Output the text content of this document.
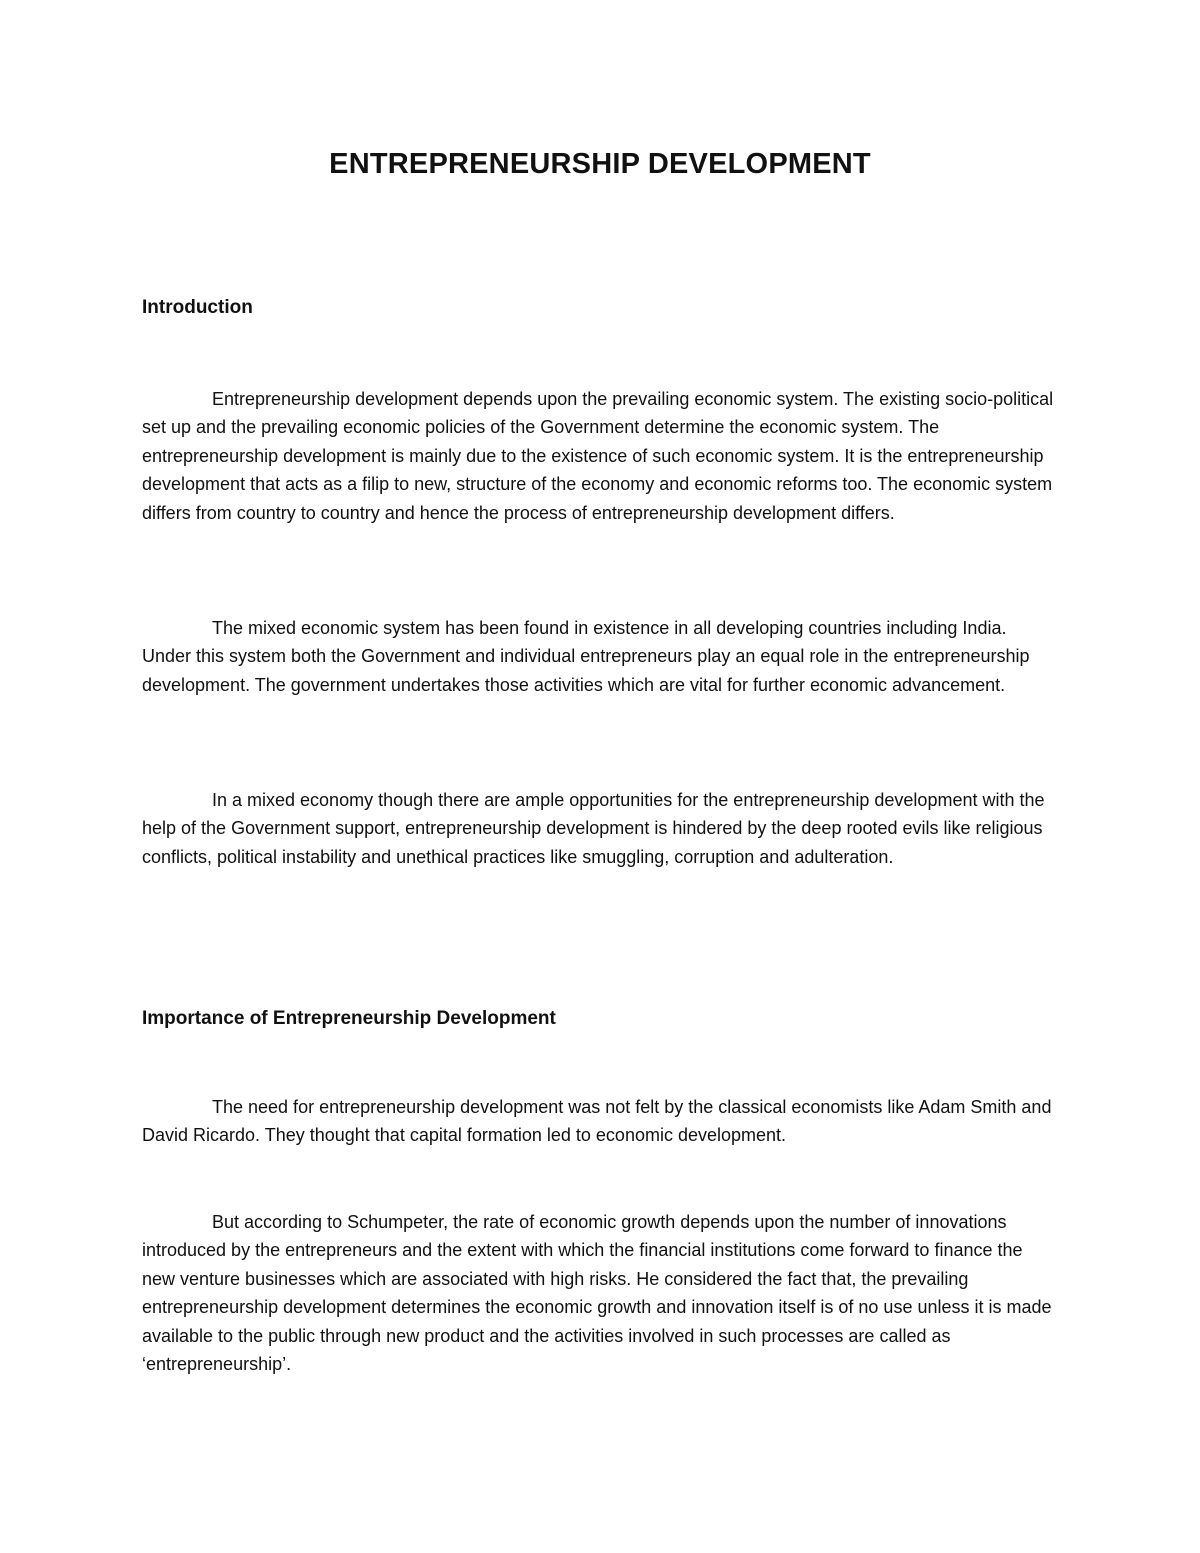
ENTREPRENEURSHIP DEVELOPMENT
Introduction

Entrepreneurship development depends upon the prevailing economic system. The existing socio-political set up and the prevailing economic policies of the Government determine the economic system. The entrepreneurship development is mainly due to the existence of such economic system. It is the entrepreneurship development that acts as a filip to new, structure of the economy and economic reforms too. The economic system differs from country to country and hence the process of entrepreneurship development differs.

The mixed economic system has been found in existence in all developing countries including India. Under this system both the Government and individual entrepreneurs play an equal role in the entrepreneurship development. The government undertakes those activities which are vital for further economic advancement.

In a mixed economy though there are ample opportunities for the entrepreneurship development with the help of the Government support, entrepreneurship development is hindered by the deep rooted evils like religious conflicts, political instability and unethical practices like smuggling, corruption and adulteration.

Importance of Entrepreneurship Development

The need for entrepreneurship development was not felt by the classical economists like Adam Smith and David Ricardo. They thought that capital formation led to economic development.

But according to Schumpeter, the rate of economic growth depends upon the number of innovations introduced by the entrepreneurs and the extent with which the financial institutions come forward to finance the new venture businesses which are associated with high risks. He considered the fact that, the prevailing entrepreneurship development determines the economic growth and innovation itself is of no use unless it is made available to the public through new product and the activities involved in such processes are called as ‘entrepreneurship’.
